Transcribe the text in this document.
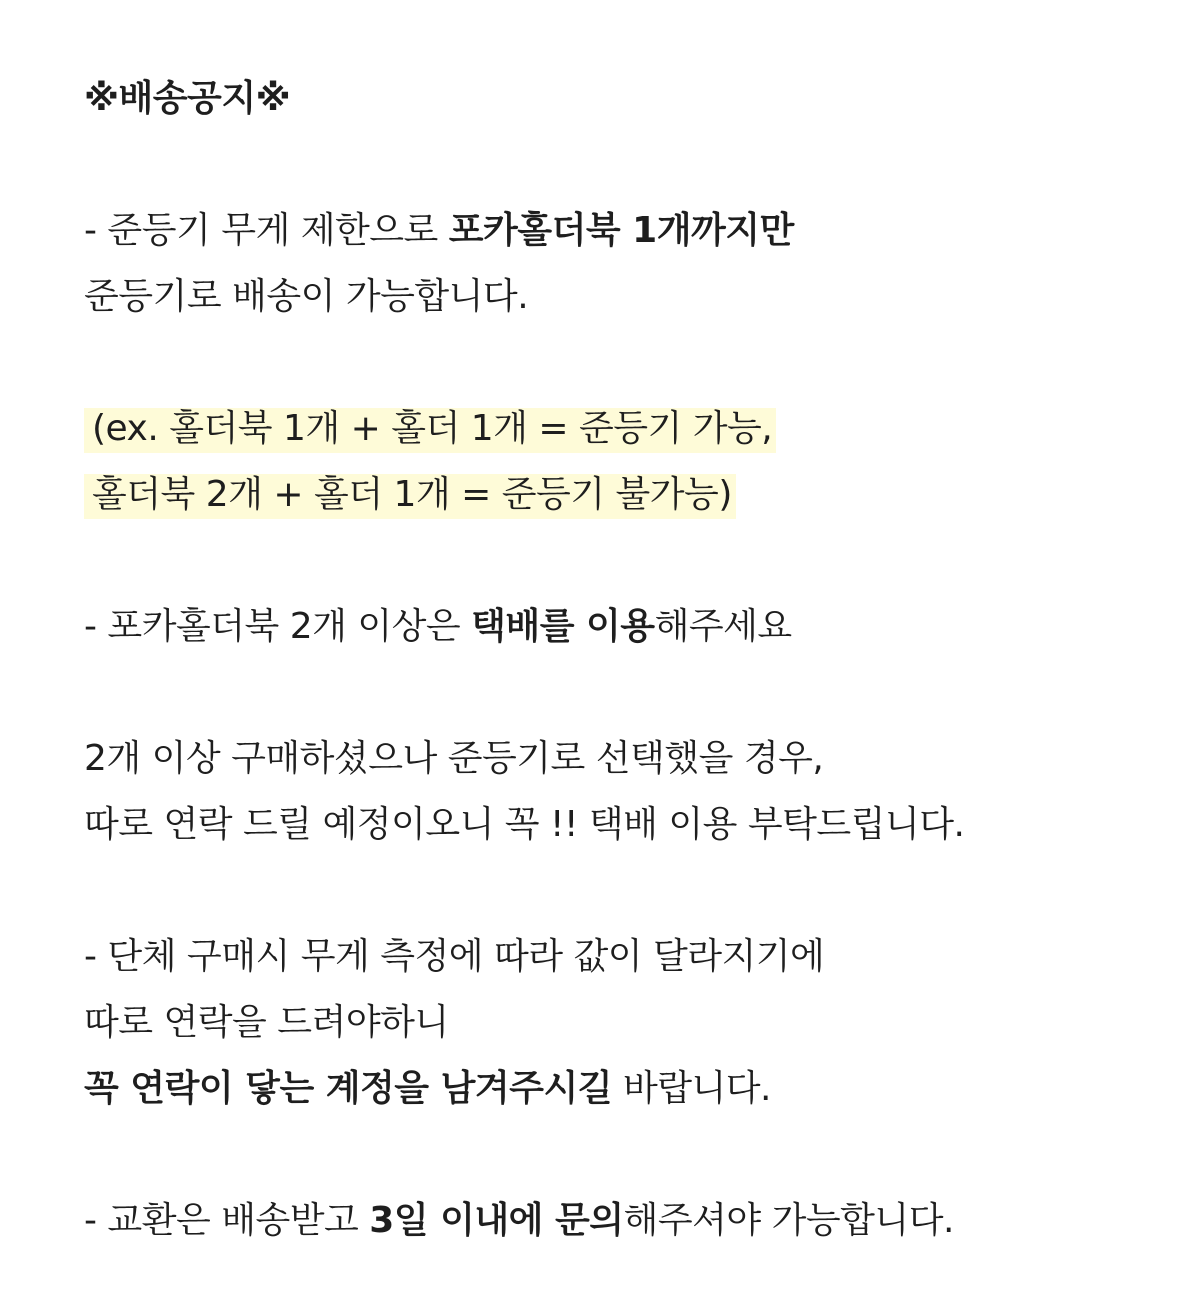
※배송공지※
- 준등기 무게 제한으로 포카홀더북 1개까지만
준등기로 배송이 가능합니다.
(ex. 홀더북 1개 + 홀더 1개 = 준등기 가능,
홀더북 2개 + 홀더 1개 = 준등기 불가능)
- 포카홀더북 2개 이상은 택배를 이용해주세요
2개 이상 구매하셨으나 준등기로 선택했을 경우,
따로 연락 드릴 예정이오니 꼭 !! 택배 이용 부탁드립니다.
- 단체 구매시 무게 측정에 따라 값이 달라지기에
따로 연락을 드려야하니
꼭 연락이 닿는 계정을 남겨주시길 바랍니다.
- 교환은 배송받고 3일 이내에 문의해주셔야 가능합니다.
